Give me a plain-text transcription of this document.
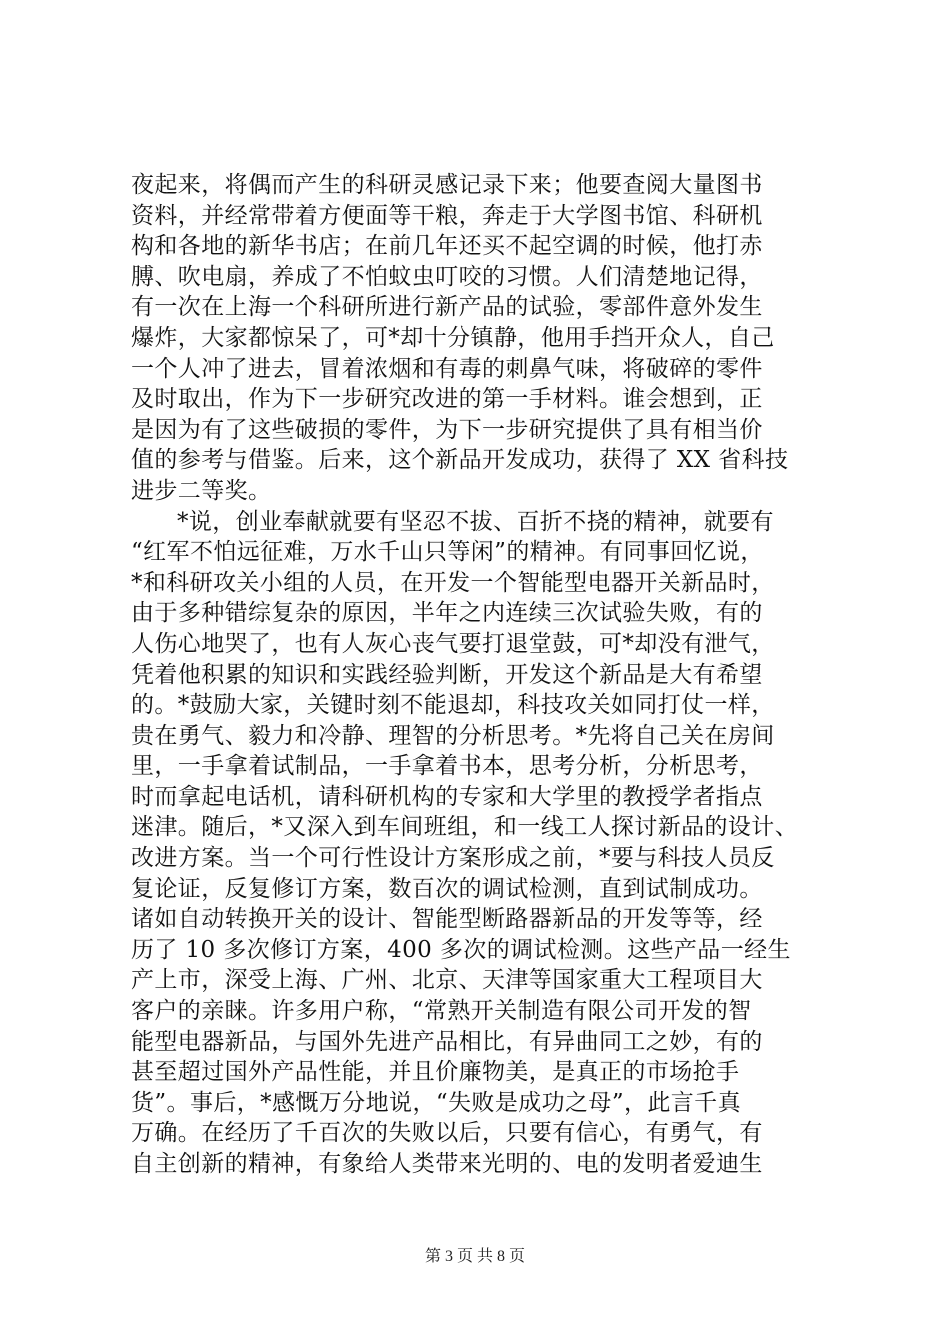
夜起来，将偶而产生的科研灵感记录下来；他要查阅大量图书
资料，并经常带着方便面等干粮，奔走于大学图书馆、科研机
构和各地的新华书店；在前几年还买不起空调的时候，他打赤
膊、吹电扇，养成了不怕蚊虫叮咬的习惯。人们清楚地记得，
有一次在上海一个科研所进行新产品的试验，零部件意外发生
爆炸，大家都惊呆了，可*却十分镇静，他用手挡开众人，自己
一个人冲了进去，冒着浓烟和有毒的刺鼻气味，将破碎的零件
及时取出，作为下一步研究改进的第一手材料。谁会想到，正
是因为有了这些破损的零件，为下一步研究提供了具有相当价
值的参考与借鉴。后来，这个新品开发成功，获得了 XX 省科技
进步二等奖。
*说，创业奉献就要有坚忍不拔、百折不挠的精神，就要有
“红军不怕远征难，万水千山只等闲”的精神。有同事回忆说，
*和科研攻关小组的人员，在开发一个智能型电器开关新品时，
由于多种错综复杂的原因，半年之内连续三次试验失败，有的
人伤心地哭了，也有人灰心丧气要打退堂鼓，可*却没有泄气，
凭着他积累的知识和实践经验判断，开发这个新品是大有希望
的。*鼓励大家，关键时刻不能退却，科技攻关如同打仗一样，
贵在勇气、毅力和冷静、理智的分析思考。*先将自己关在房间
里，一手拿着试制品，一手拿着书本，思考分析，分析思考，
时而拿起电话机，请科研机构的专家和大学里的教授学者指点
迷津。随后，*又深入到车间班组，和一线工人探讨新品的设计、
改进方案。当一个可行性设计方案形成之前，*要与科技人员反
复论证，反复修订方案，数百次的调试检测，直到试制成功。
诸如自动转换开关的设计、智能型断路器新品的开发等等，经
历了 10 多次修订方案，400 多次的调试检测。这些产品一经生
产上市，深受上海、广州、北京、天津等国家重大工程项目大
客户的亲睐。许多用户称，“常熟开关制造有限公司开发的智
能型电器新品，与国外先进产品相比，有异曲同工之妙，有的
甚至超过国外产品性能，并且价廉物美，是真正的市场抢手
货”。事后，*感慨万分地说，“失败是成功之母”，此言千真
万确。在经历了千百次的失败以后，只要有信心，有勇气，有
自主创新的精神，有象给人类带来光明的、电的发明者爱迪生
第 3 页 共 8 页
